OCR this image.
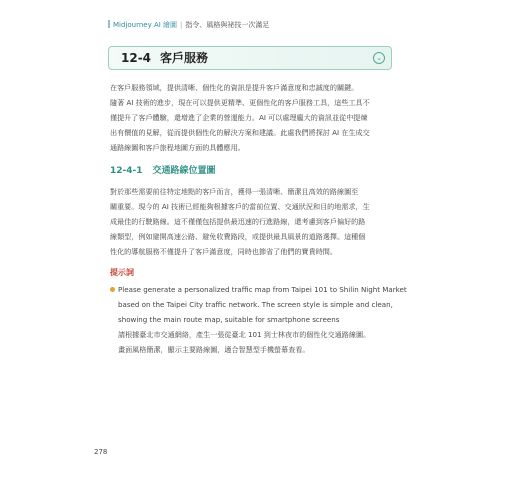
Midjourney AI 繪圖 | 指令、風格與祕技一次滿足
12-4 客戶服務	⌄
在客戶服務領域，提供清晰、個性化的資訊是提升客戶滿意度和忠誠度的關鍵。
隨著 AI 技術的進步，現在可以提供更精準、更個性化的客戶服務工具，這些工具不
僅提升了客戶體驗，還增進了企業的營運能力。AI 可以處理龐大的資訊並從中提煉
出有價值的見解，從而提供個性化的解決方案和建議。此處我們將探討 AI 在生成交
通路線圖和客戶旅程地圖方面的具體應用。
12-4-1 交通路線位置圖
對於那些需要前往特定地點的客戶而言，獲得一張清晰、簡潔且高效的路線圖至
關重要。現今的 AI 技術已經能夠根據客戶的當前位置、交通狀況和目的地需求，生
成最佳的行駛路線。這不僅僅包括提供最迅速的行進路線，還考慮到客戶偏好的路
線類型，例如避開高速公路、避免收費路段，或提供最具風景的道路選擇。這種個
性化的導航服務不僅提升了客戶滿意度，同時也節省了他們的寶貴時間。
提示詞
Please generate a personalized traffic map from Taipei 101 to Shilin Night Market
based on the Taipei City traffic network. The screen style is simple and clean,
showing the main route map, suitable for smartphone screens
請根據臺北市交通網絡，產生一張從臺北 101 到士林夜市的個性化交通路線圖。
畫面風格簡潔，顯示主要路線圖，適合智慧型手機螢幕查看。
278
